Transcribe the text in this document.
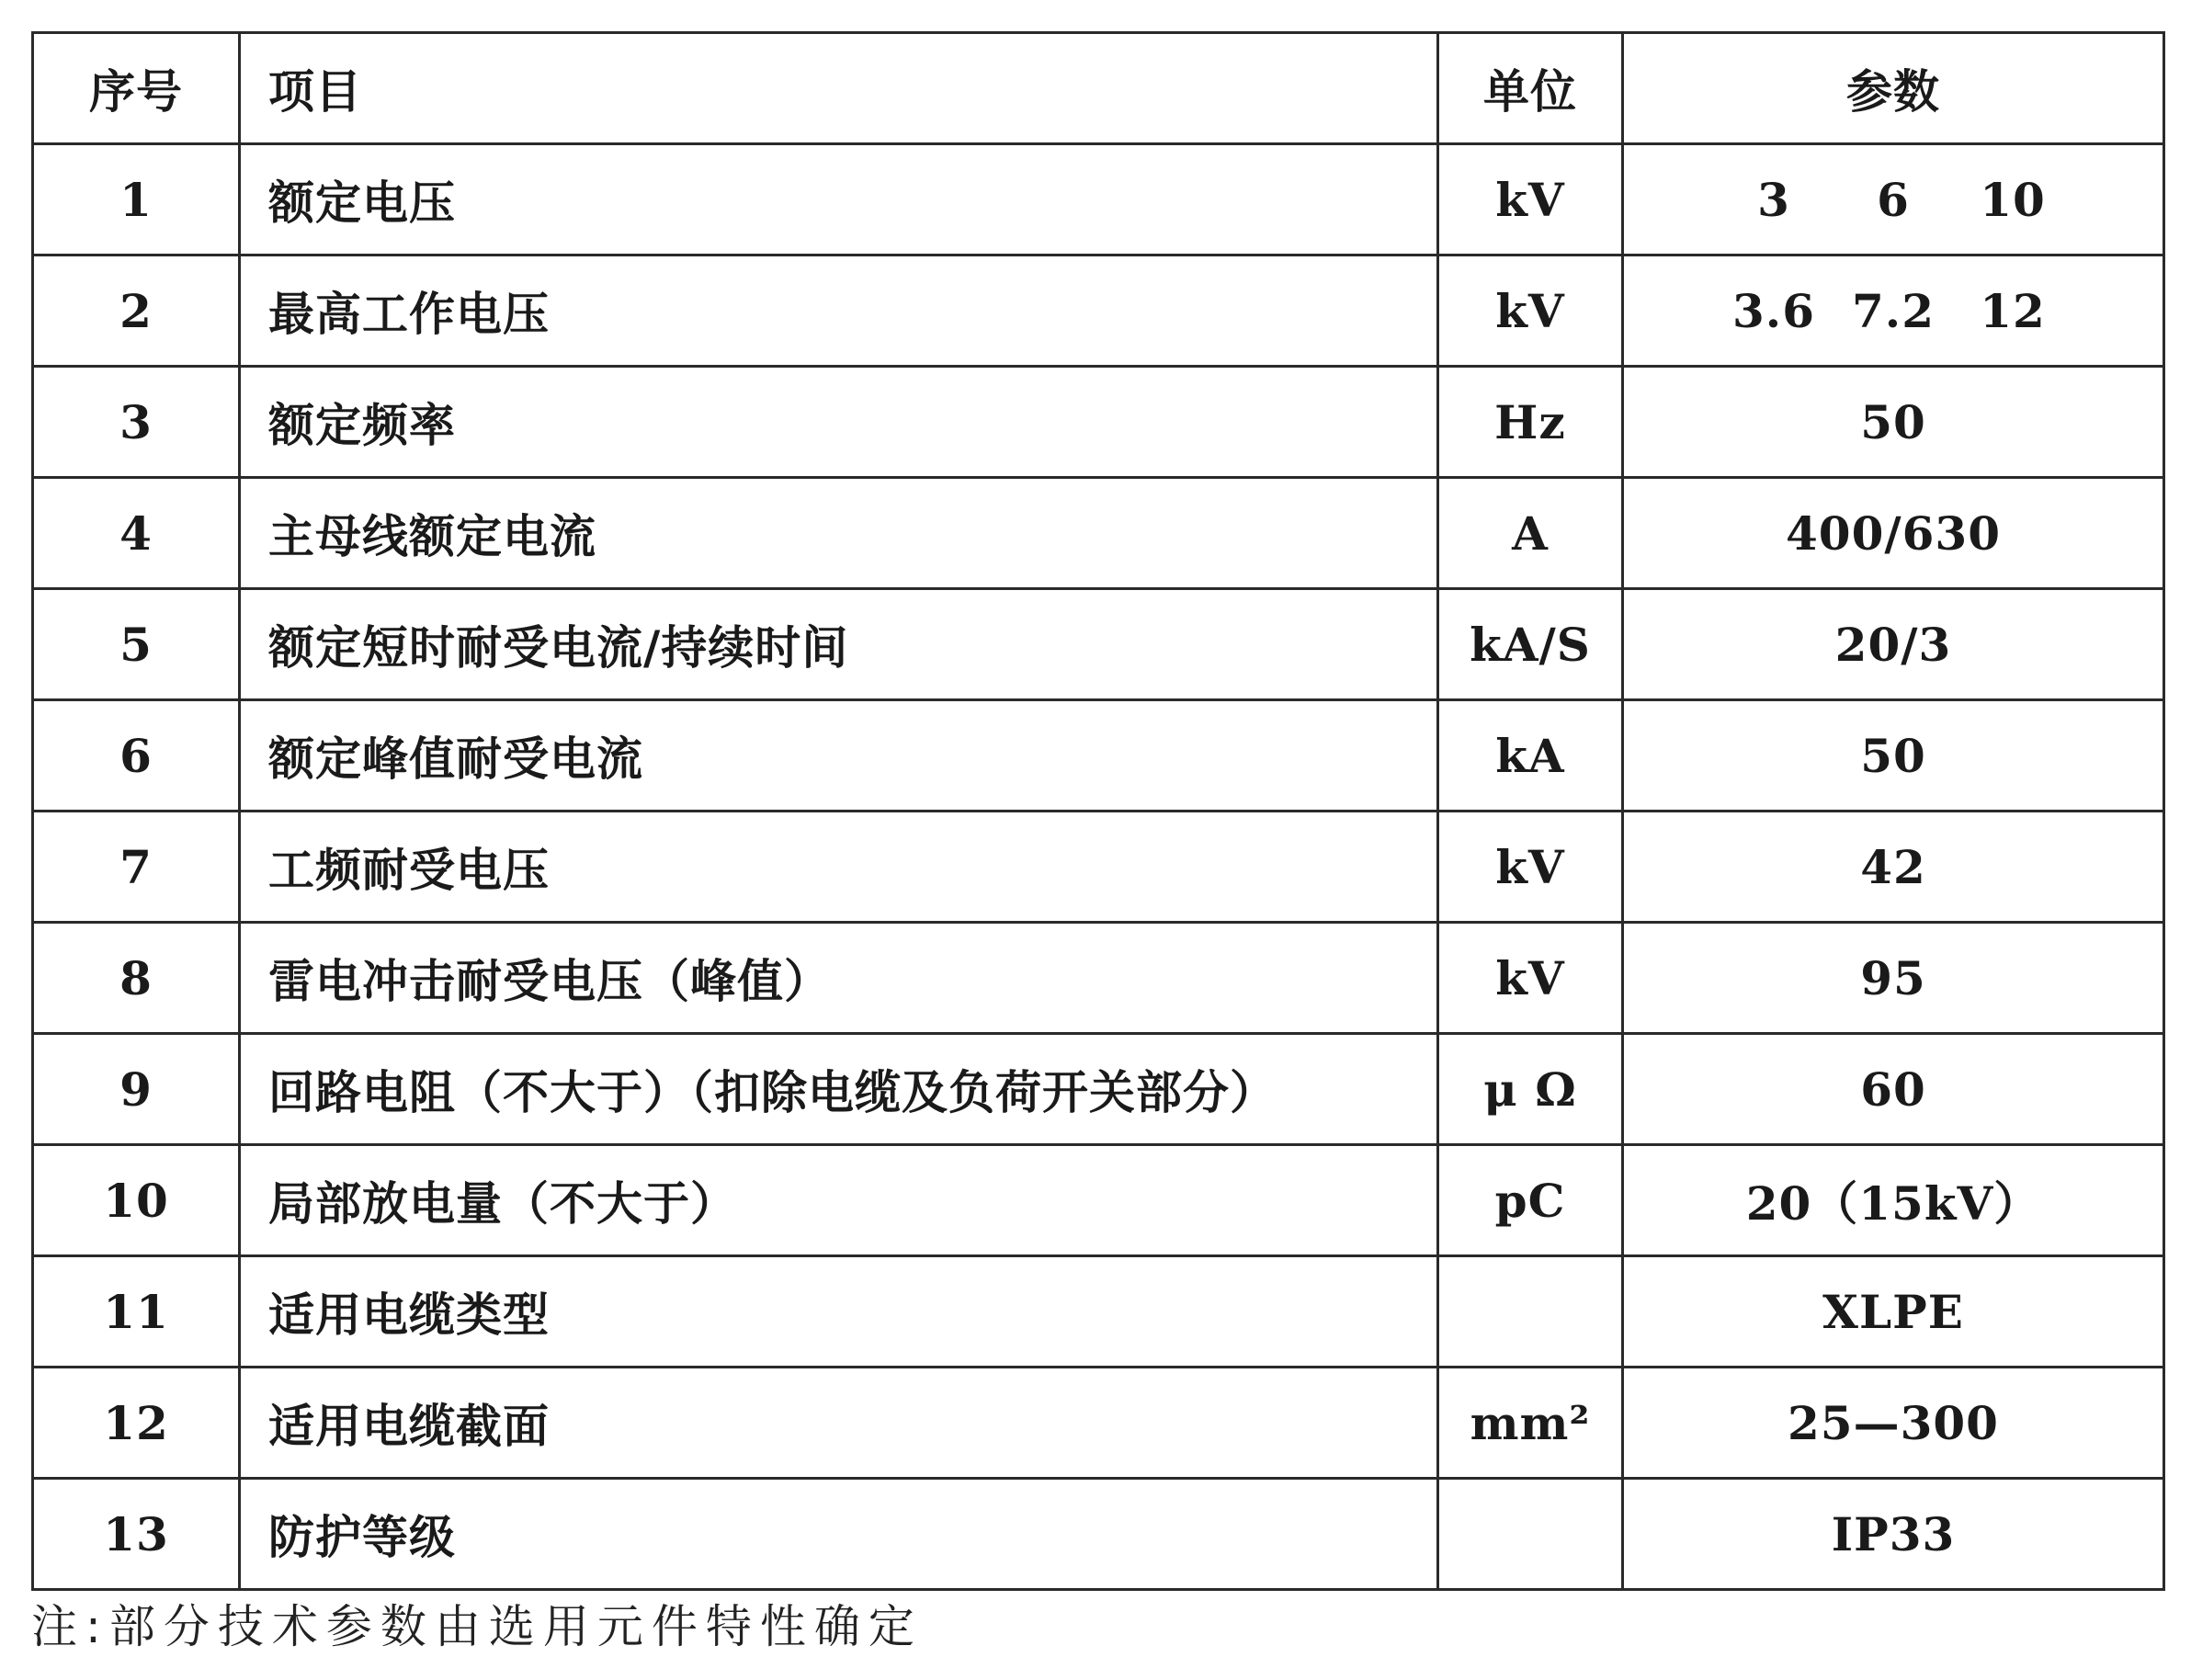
序号	项目	单位	参数
1	额定电压	kV	3 6 10

2	最高工作电压	kV	3.6 7.2 12

3	额定频率	Hz	50
4	主母线额定电流	A	400/630
5	额定短时耐受电流/持续时间	kA/S	20/3
6	额定峰值耐受电流	kA	50
7	工频耐受电压	kV	42
8	雷电冲击耐受电压（峰值）	kV	95
9	回路电阻（不大于）（扣除电缆及负荷开关部分）	μ Ω	60
10	局部放电量（不大于）	pC	20（15kV）
11	适用电缆类型		XLPE
12	适用电缆截面	mm²	25—300
13	防护等级		IP33
注:部分技术参数由选用元件特性确定
